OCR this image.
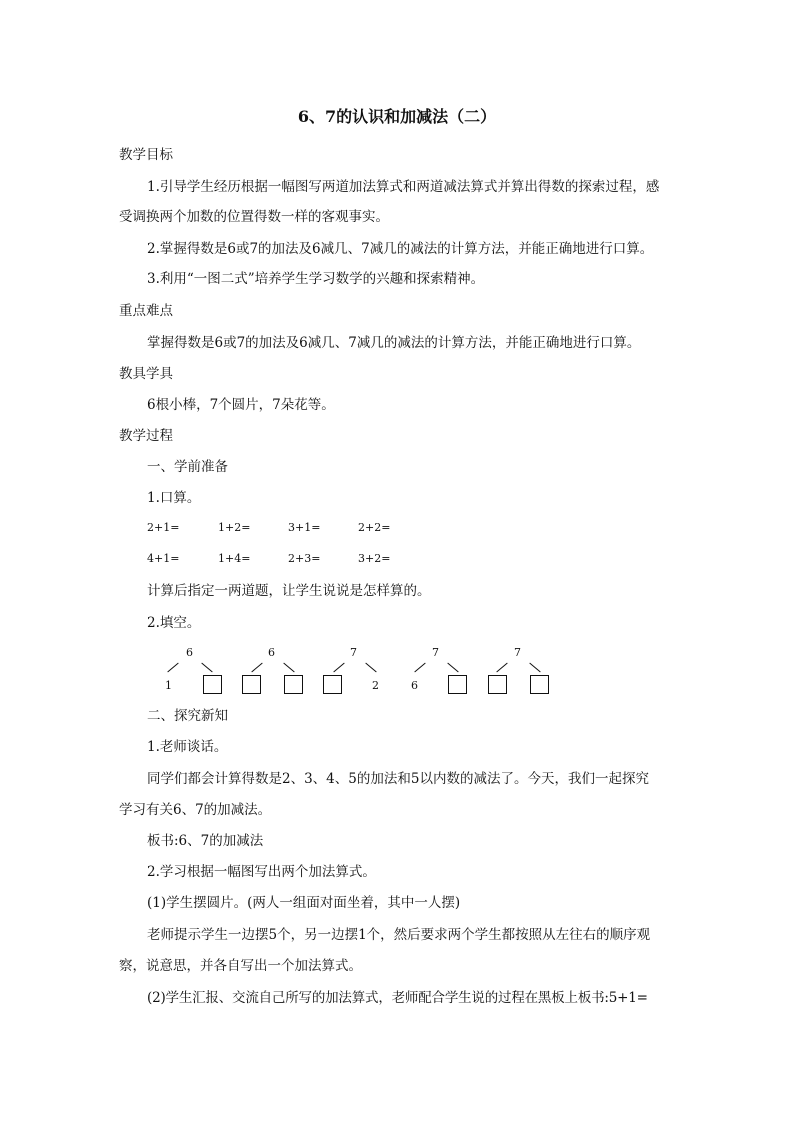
6、7的认识和加减法（二）
教学目标
1.引导学生经历根据一幅图写两道加法算式和两道减法算式并算出得数的探索过程，感
受调换两个加数的位置得数一样的客观事实。
2.掌握得数是6或7的加法及6减几、7减几的减法的计算方法，并能正确地进行口算。
3.利用“一图二式”培养学生学习数学的兴趣和探索精神。
重点难点
掌握得数是6或7的加法及6减几、7减几的减法的计算方法，并能正确地进行口算。
教具学具
6根小棒，7个圆片，7朵花等。
教学过程
一、学前准备
1.口算。
2+1=	1+2=	3+1=	2+2=
4+1=	1+4=	2+3=	3+2=
计算后指定一两道题，让学生说说是怎样算的。
2.填空。
6
1
6	7
2
7
6
7
二、探究新知
1.老师谈话。
同学们都会计算得数是2、3、4、5的加法和5以内数的减法了。今天，我们一起探究
学习有关6、7的加减法。
板书:6、7的加减法
2.学习根据一幅图写出两个加法算式。
(1)学生摆圆片。(两人一组面对面坐着，其中一人摆)
老师提示学生一边摆5个，另一边摆1个，然后要求两个学生都按照从左往右的顺序观
察，说意思，并各自写出一个加法算式。
(2)学生汇报、交流自己所写的加法算式，老师配合学生说的过程在黑板上板书:5+1=
